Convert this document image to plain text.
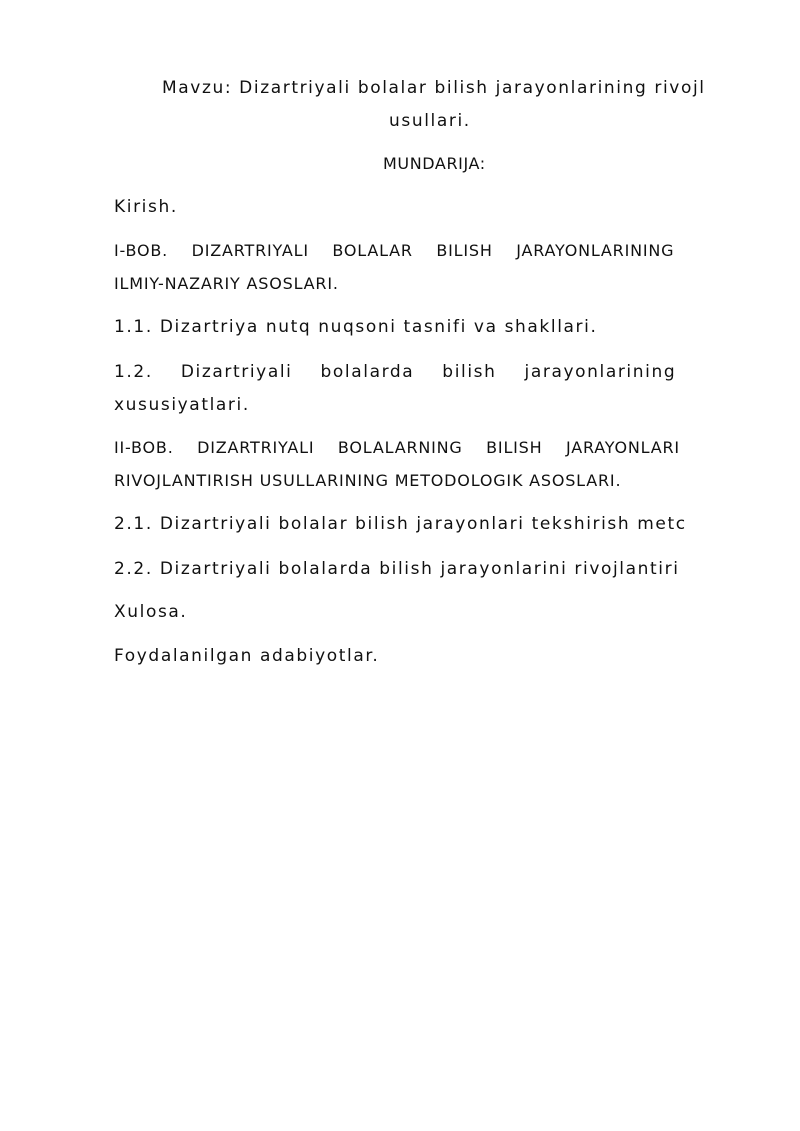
Mavzu: Dizartriyali bolalar bilish jarayonlarining rivojl
usullari.
MUNDARIJA:
Kirish.
I-BOB.    DIZARTRIYALI    BOLALAR    BILISH    JARAYONLARINING
ILMIY-NAZARIY ASOSLARI.
1.1. Dizartriya nutq nuqsoni tasnifi va shakllari.
1.2.    Dizartriyali    bolalarda    bilish    jarayonlarining
xususiyatlari.
II-BOB.    DIZARTRIYALI    BOLALARNING    BILISH    JARAYONLARI
RIVOJLANTIRISH USULLARINING METODOLOGIK ASOSLARI.
2.1. Dizartriyali bolalar bilish jarayonlari tekshirish metc
2.2. Dizartriyali bolalarda bilish jarayonlarini rivojlantiri
Xulosa.
Foydalanilgan adabiyotlar.
